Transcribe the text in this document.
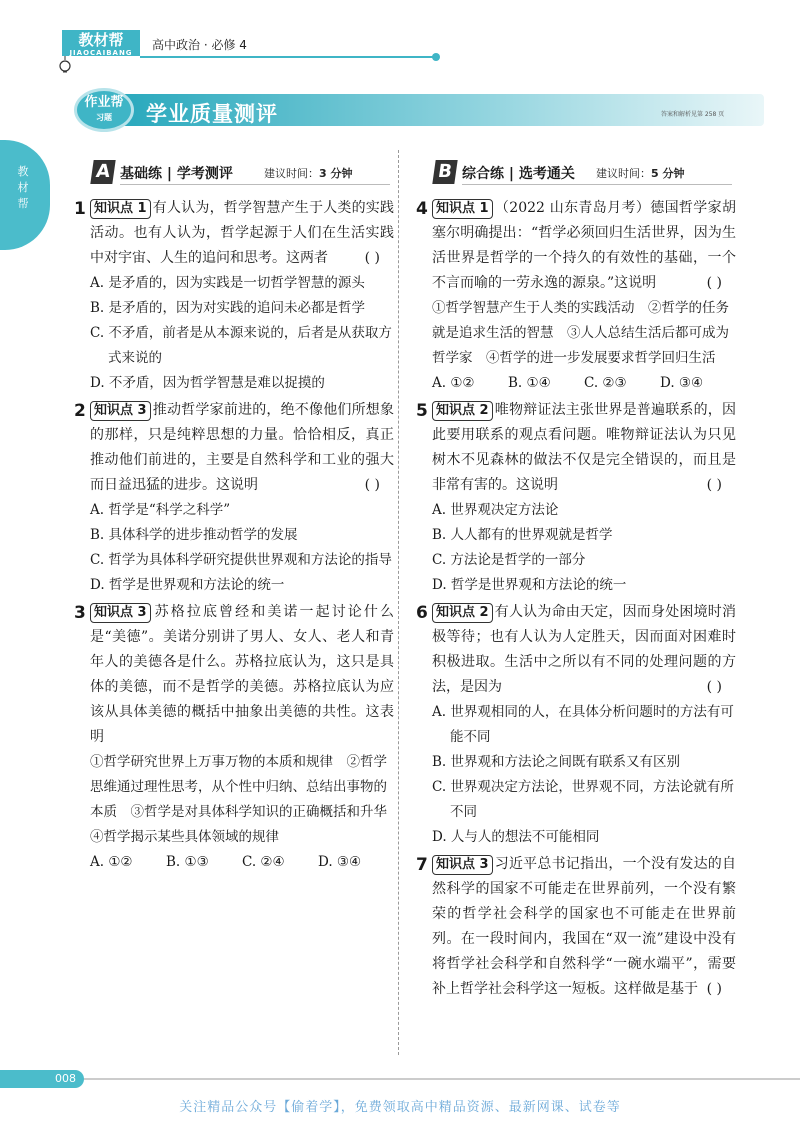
教材帮
JIAOCAIBANG
高中政治 · 必修 4
教材帮
作业帮
习题	学业质量测评	答案和解析见第 258 页
A 基础练 | 学考测评	建议时间：3 分钟
1 知识点 1 有人认为，哲学智慧产生于人类的实践活动。也有人认为，哲学起源于人们在生活实践中对宇宙、人生的追问和思考。这两者	( )
A. 是矛盾的，因为实践是一切哲学智慧的源头
B. 是矛盾的，因为对实践的追问未必都是哲学
C. 不矛盾，前者是从本源来说的，后者是从获取方式来说的
D. 不矛盾，因为哲学智慧是难以捉摸的
2 知识点 3 推动哲学家前进的，绝不像他们所想象的那样，只是纯粹思想的力量。恰恰相反，真正推动他们前进的，主要是自然科学和工业的强大而日益迅猛的进步。这说明	( )
A. 哲学是“科学之科学”
B. 具体科学的进步推动哲学的发展
C. 哲学为具体科学研究提供世界观和方法论的指导
D. 哲学是世界观和方法论的统一
3 知识点 3 苏格拉底曾经和美诺一起讨论什么是“美德”。美诺分别讲了男人、女人、老人和青年人的美德各是什么。苏格拉底认为，这只是具体的美德，而不是哲学的美德。苏格拉底认为应该从具体美德的概括中抽象出美德的共性。这表明
①哲学研究世界上万事万物的本质和规律　②哲学思维通过理性思考，从个性中归纳、总结出事物的本质　③哲学是对具体科学知识的正确概括和升华　④哲学揭示某些具体领域的规律
A. ①②	B. ①③	C. ②④	D. ③④
B 综合练 | 选考通关 建议时间：5 分钟
4 知识点 1 （2022 山东青岛月考）德国哲学家胡塞尔明确提出：“哲学必须回归生活世界，因为生活世界是哲学的一个持久的有效性的基础，一个不言而喻的一劳永逸的源泉。”这说明	( )
①哲学智慧产生于人类的实践活动　②哲学的任务就是追求生活的智慧　③人人总结生活后都可成为哲学家　④哲学的进一步发展要求哲学回归生活
A. ①②	B. ①④	C. ②③	D. ③④
5 知识点 2 唯物辩证法主张世界是普遍联系的，因此要用联系的观点看问题。唯物辩证法认为只见树木不见森林的做法不仅是完全错误的，而且是非常有害的。这说明	( )
A. 世界观决定方法论
B. 人人都有的世界观就是哲学
C. 方法论是哲学的一部分
D. 哲学是世界观和方法论的统一
6 知识点 2 有人认为命由天定，因而身处困境时消极等待；也有人认为人定胜天，因而面对困难时积极进取。生活中之所以有不同的处理问题的方法，是因为	( )
A. 世界观相同的人，在具体分析问题时的方法有可能不同
B. 世界观和方法论之间既有联系又有区别
C. 世界观决定方法论，世界观不同，方法论就有所不同
D. 人与人的想法不可能相同
7 知识点 3 习近平总书记指出，一个没有发达的自然科学的国家不可能走在世界前列，一个没有繁荣的哲学社会科学的国家也不可能走在世界前列。在一段时间内，我国在“双一流”建设中没有将哲学社会科学和自然科学“一碗水端平”，需要补上哲学社会科学这一短板。这样做是基于 ( )
008
关注精品公众号【偷着学】，免费领取高中精品资源、最新网课、试卷等
